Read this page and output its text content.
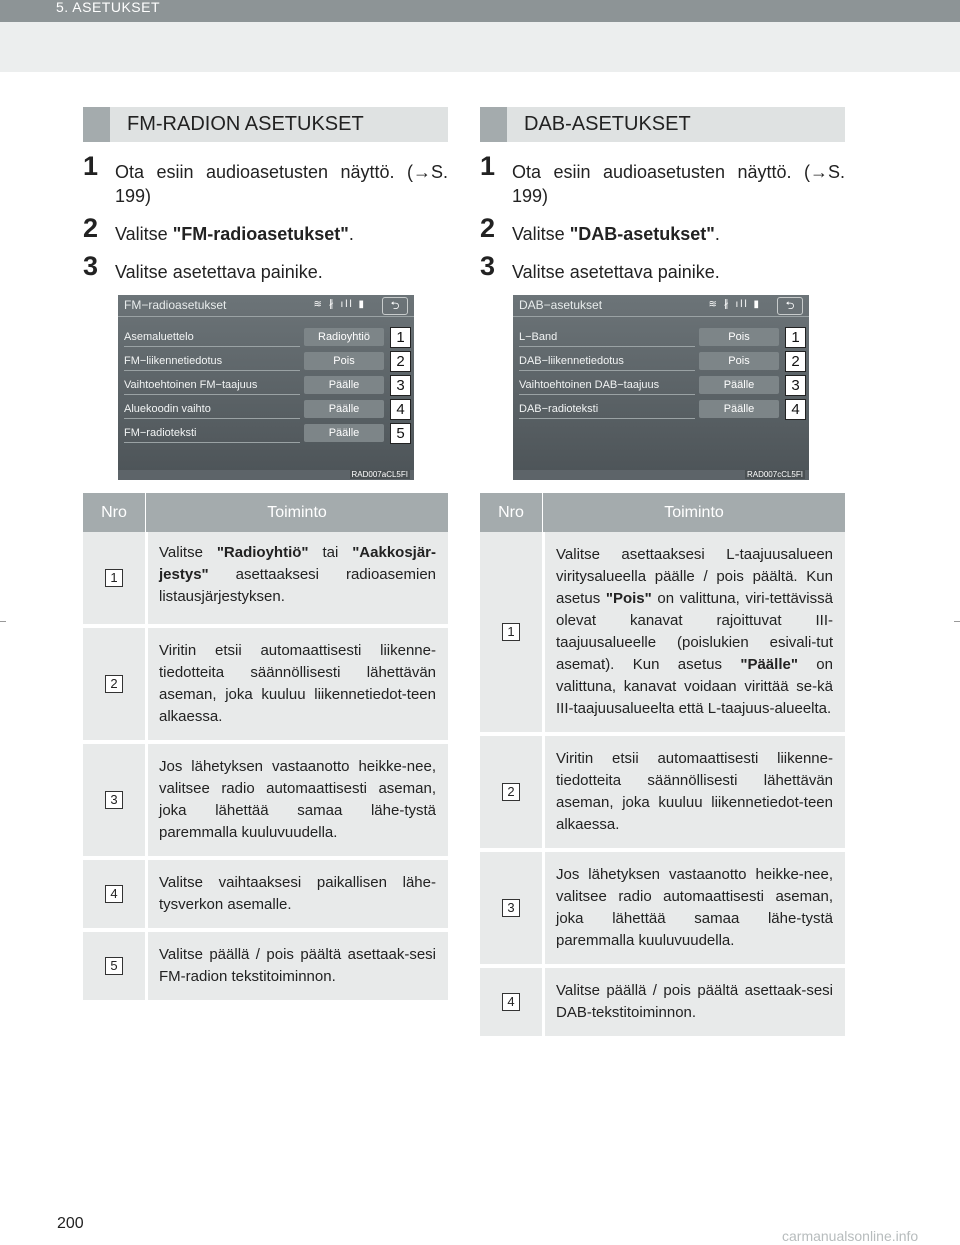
5. ASETUKSET
FM-RADION ASETUKSET
1 Ota esiin audioasetusten näyttö. (→S. 199)
2 Valitse "FM-radioasetukset".
3 Valitse asetettava painike.
FM−radioasetukset	≋ ∦ ıll ▮	⮌
Asemaluettelo	Radioyhtiö	1
FM−liikennetiedotus	Pois	2
Vaihtoehtoinen FM−taajuus	Päälle	3
Aluekoodin vaihto	Päälle	4
FM−radioteksti	Päälle	5
RAD007aCL5FI
Nro	Toiminto
1
Valitse "Radioyhtiö" tai "Aakkosjär-jestys" asettaaksesi radioasemien listausjärjestyksen.
2
Viritin etsii automaattisesti liikenne-tiedotteita säännöllisesti lähettävän aseman, joka kuuluu liikennetiedot-teen alkaessa.
3
Jos lähetyksen vastaanotto heikke-nee, valitsee radio automaattisesti aseman, joka lähettää samaa lähe-tystä paremmalla kuuluvuudella.
4
Valitse vaihtaaksesi paikallisen lähe-tysverkon asemalle.
5
Valitse päällä / pois päältä asettaak-sesi FM-radion tekstitoiminnon.
DAB-ASETUKSET
1 Ota esiin audioasetusten näyttö. (→S. 199)
2 Valitse "DAB-asetukset".
3 Valitse asetettava painike.
DAB−asetukset	≋ ∦ ıll ▮	⮌
L−Band	Pois	1
DAB−liikennetiedotus	Pois	2
Vaihtoehtoinen DAB−taajuus	Päälle	3
DAB−radioteksti	Päälle	4
RAD007cCL5FI
Nro	Toiminto
1
Valitse asettaaksesi L-taajuusalueen viritysalueella päälle / pois päältä. Kun asetus "Pois" on valittuna, viri-tettävissä olevat kanavat rajoittuvat III-taajuusalueelle (poislukien esivali-tut asemat). Kun asetus "Päälle" on valittuna, kanavat voidaan virittää se-kä III-taajuusalueelta että L-taajuus-alueelta.
2
Viritin etsii automaattisesti liikenne-tiedotteita säännöllisesti lähettävän aseman, joka kuuluu liikennetiedot-teen alkaessa.
3
Jos lähetyksen vastaanotto heikke-nee, valitsee radio automaattisesti aseman, joka lähettää samaa lähe-tystä paremmalla kuuluvuudella.
4
Valitse päällä / pois päältä asettaak-sesi DAB-tekstitoiminnon.
200
carmanualsonline.info
